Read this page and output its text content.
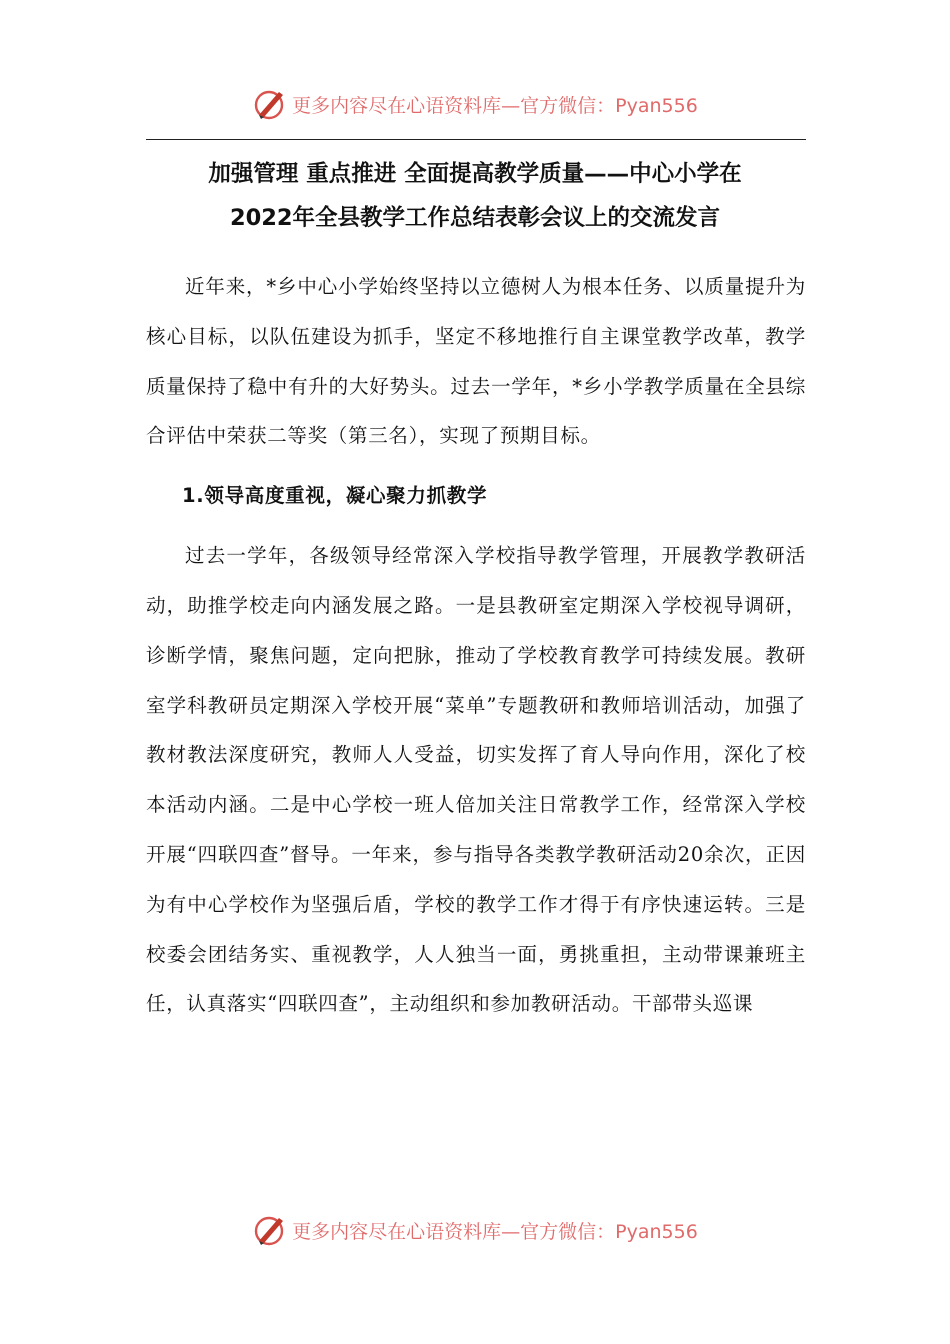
更多内容尽在心语资料库—官方微信：Pyan556
加强管理 重点推进 全面提高教学质量——中心小学在
2022年全县教学工作总结表彰会议上的交流发言

近年来，*乡中心小学始终坚持以立德树人为根本任务、以质量提升为核心目标，以队伍建设为抓手，坚定不移地推行自主课堂教学改革，教学质量保持了稳中有升的大好势头。过去一学年，*乡小学教学质量在全县综合评估中荣获二等奖（第三名），实现了预期目标。

1.领导高度重视，凝心聚力抓教学

过去一学年，各级领导经常深入学校指导教学管理，开展教学教研活动，助推学校走向内涵发展之路。一是县教研室定期深入学校视导调研，诊断学情，聚焦问题，定向把脉，推动了学校教育教学可持续发展。教研室学科教研员定期深入学校开展“菜单”专题教研和教师培训活动，加强了教材教法深度研究，教师人人受益，切实发挥了育人导向作用，深化了校本活动内涵。二是中心学校一班人倍加关注日常教学工作，经常深入学校开展“四联四查”督导。一年来，参与指导各类教学教研活动20余次，正因为有中心学校作为坚强后盾，学校的教学工作才得于有序快速运转。三是校委会团结务实、重视教学，人人独当一面，勇挑重担，主动带课兼班主任，认真落实“四联四查”，主动组织和参加教研活动。干部带头巡课

更多内容尽在心语资料库—官方微信：Pyan556
